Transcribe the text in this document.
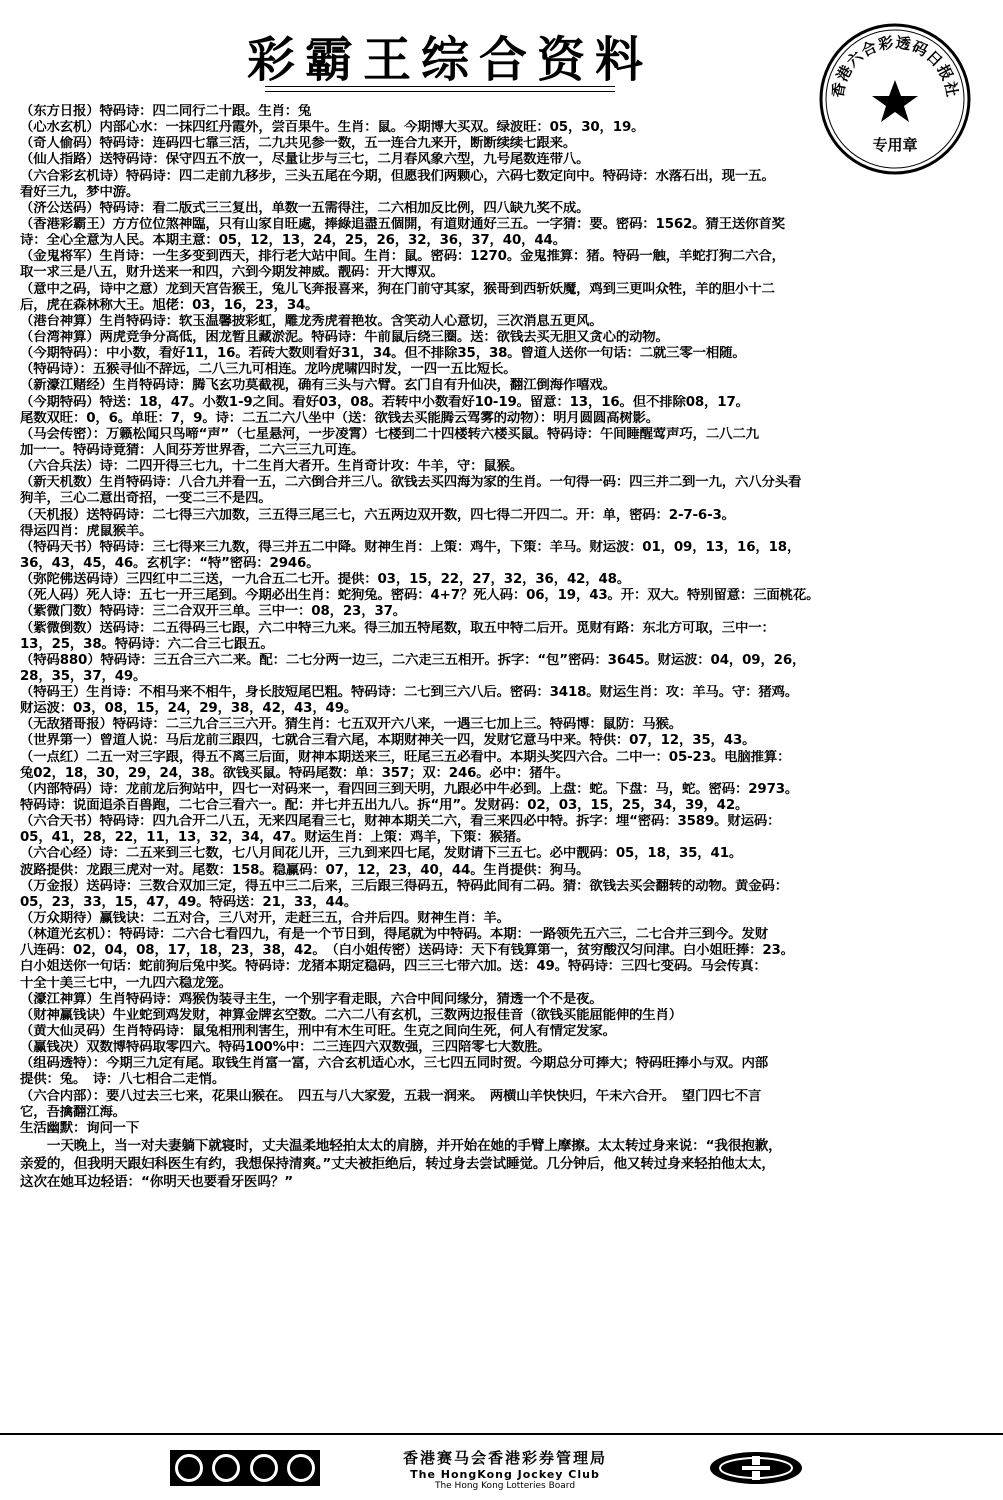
彩霸王综合资料
香港六合彩透码日报社
专用章
（东方日报）特码诗：四二同行二十跟。生肖：兔
（心水玄机）内部心水：一抹四红丹霞外，尝百果牛。生肖：鼠。今期博大买双。绿波旺：05，30，19。
（奇人偷码）特码诗：连码四七靠三活，二九共见参一数，五一连合九来开，断断续续七跟来。
（仙人指路）送特码诗：保守四五不放一，尽量让步与三七，二月春风象六型，九号尾数连带八。
（六合彩玄机诗）特码诗：四二走前九移步，三头五尾在今期，但愿我们两颗心，六码七数定向中。特码诗：水落石出，现一五。
看好三九，梦中游。
（济公送码）特码诗：看二版式三三复出，单数一五需得注，二六相加反比例，四八缺九奖不成。
（香港彩霸王）方方位位煞神臨，只有山家自旺處，捧綠追盡五個開，有道财通好三五。一字猜：要。密码：1562。猜王送你首奖
诗：全心全意为人民。本期主意：05，12，13，24，25，26，32，36，37，40，44。
（金鬼将军）生肖诗：一生多变到西天，排行老大站中间。生肖：鼠。密码：1270。金鬼推算：猪。特码一触，羊蛇打狗二六合，
取一求三是八五，财升送来一和四，六到今期发神威。靓码：开大博双。
（意中之码，诗中之意）龙到天宫告猴王，兔儿飞奔报喜来，狗在门前守其家，猴哥到西斩妖魔，鸡到三更叫众牲，羊的胆小十二
后，虎在森林称大王。旭佬：03，16，23，34。
（港台神算）生肖特码诗：软玉温馨披彩虹，雕龙秀虎着艳妆。含笑动人心意切，三次消息五更风。
（台湾神算）两虎竞争分高低，困龙暂且藏淤泥。特码诗：牛前鼠后绕三圈。送：欲钱去买无胆又贪心的动物。
（今期特码）：中小数，看好11，16。若砖大数则看好31，34。但不排除35，38。曾道人送你一句话：二就三零一相随。
（特码诗）：五猴寻仙不辞远，二八三九可相连。龙吟虎啸四时发，一四一五比短长。
（新濠江赌经）生肖特码诗：腾飞玄功莫截视，确有三头与六臂。玄门自有升仙决，翻江倒海作嘻戏。
（今期特码）特送：18，47。小数1-9之间。看好03，08。若转中小数看好10-19。留意：13，16。但不排除08，17。
尾数双旺：0，6。单旺：7，9。诗：二五二六八坐中（送：欲钱去买能腾云驾雾的动物）：明月圆圆高树影。
（马会传密）：万籁松闻只鸟啼“声”（七星悬河，一步凌霄）七楼到二十四楼转六楼买鼠。特码诗：午间睡醒莺声巧，二八二九
加一一。特码诗竟猜：人间芬芳世界香，二六三三九可连。
（六合兵法）诗：二四开得三七九，十二生肖大者开。生肖奇计攻：牛羊，守：鼠猴。
（新天机数）生肖特码诗：八合九并看一五，二六倒合并三八。欲钱去买四海为家的生肖。一句得一码：四三并二到一九，六八分头看
狗羊，三心二意出奇招，一变二三不是四。
（天机报）送特码诗：二七得三六加数，三五得三尾三七，六五两边双开数，四七得二开四二。开：单，密码：2-7-6-3。
得运四肖：虎鼠猴羊。
（特码天书）特码诗：三七得来三九数，得三并五二中降。财神生肖：上策：鸡牛，下策：羊马。财运波：01，09，13，16，18，
36，43，45，46。玄机字：“特”密码：2946。
（弥陀佛送码诗）三四红中二三送，一九合五二七开。提供：03，15，22，27，32，36，42，48。
（死人码）死人诗：五七一开三尾到。今期必出生肖：蛇狗兔。密码：4+7？死人码：06，19，43。开：双大。特别留意：三面桃花。
（紫微门数）特码诗：三二合双开三单。三中一：08，23，37。
（紫微倒数）送码诗：二五得码三七跟，六二中特三九来。得三加五特尾数，取五中特二后开。觅财有路：东北方可取，三中一：
13，25，38。特码诗：六二合三七跟五。
（特码880）特码诗：三五合三六二来。配：二七分两一边三，二六走三五相开。拆字：“包”密码：3645。财运波：04，09，26，
28，35，37，49。
（特码王）生肖诗：不相马来不相牛，身长肢短尾巴粗。特码诗：二七到三六八后。密码：3418。财运生肖：攻：羊马。守：猪鸡。
财运波：03，08，15，24，29，38，42，43，49。
（无敌猪哥报）特码诗：二三九合三三六开。猜生肖：七五双开六八来，一遇三七加上三。特码博：鼠防：马猴。
（世界第一）曾道人说：马后龙前三跟四，七就合三看六尾，本期财神关一四，发财它意马中来。特供：07，12，35，43。
（一点红）二五一对三字跟，得五不离三后面，财神本期送来三，旺尾三五必看中。本期头奖四六合。二中一：05-23。电脑推算：
兔02，18，30，29，24，38。欲钱买鼠。特码尾数：单：357；双：246。必中：猪牛。
（内部特码）诗：龙前龙后狗站中，四七一对码来一，看四回三到天明，九跟必中牛必到。上盘：蛇。下盘：马，蛇。密码：2973。
特码诗：说面追杀百兽跑，二七合三看六一。配：并七并五出九八。拆“用”。发财码：02，03，15，25，34，39，42。
（六合天书）特码诗：四九合开二八五，无来四尾看三七，财神本期关二六，看三来四必中特。拆字：埋“密码：3589。财运码：
05，41，28，22，11，13，32，34，47。财运生肖：上策：鸡羊，下策：猴猪。
（六合心经）诗：二五来到三七数，七八月间花儿开，三九到来四七尾，发财请下三五七。必中靓码：05，18，35，41。
波路提供：龙跟三虎对一对。尾数：158。稳赢码：07，12，23，40，44。生肖提供：狗马。
（万金报）送码诗：三数合双加三定，得五中三二后来，三后跟三得码五，特码此间有二码。猜：欲钱去买会翻转的动物。黄金码：
05，23，33，15，47，49。特码送：21，33，44。
（万众期待）赢钱诀：二五对合，三八对开，走赶三五，合并后四。财神生肖：羊。
（林道光玄机）：特码诗：二六合七看四九，有是一个节日到，得尾就为中特码。本期：一路领先五六三，二七合并三到今。发财
八连码：02，04，08，17，18，23，38，42。　（白小姐传密）送码诗：天下有钱算第一，贫穷酸汉匀问津。白小姐旺捧：23。
白小姐送你一句话：蛇前狗后兔中奖。特码诗：龙猪本期定稳码，四三三七带六加。送：49。特码诗：三四七变码。马会传真：
十全十美三七中，一九四六稳龙笼。
（濠江神算）生肖特码诗：鸡猴伪装寻主生，一个别字看走眼，六合中间问缘分，猜透一个不是夜。
（财神赢钱诀）牛业蛇到鸡发财，神算金牌玄空数。二六二八有玄机，三数两边报佳音（欲钱买能屈能伸的生肖）
（黄大仙灵码）生肖特码诗：鼠兔相刑利害生，刑中有木生可旺。生克之间向生死，何人有情定发家。
（赢钱决）双数博特码取零四六。特码100%中：二三连四六双数强，三四陪零七大数胜。
（组码透特）：今期三九定有尾。取钱生肖富一富，六合玄机适心水，三七四五同时贺。今期总分可捧大；特码旺捧小与双。内部
提供：兔。　诗：八七相合二走悄。
（六合内部）：要八过去三七来，花果山猴在。　四五与八大家爱，五栽一润来。　两横山羊快快归，午未六合开。　望门四七不言
它，吾擒翻江海。
生活幽默：询问一下
　　一天晚上，当一对夫妻躺下就寝时，丈夫温柔地轻拍太太的肩膀，并开始在她的手臂上摩擦。太太转过身来说：“我很抱歉，
亲爱的，但我明天跟妇科医生有约，我想保持清爽。”丈夫被拒绝后，转过身去尝试睡觉。几分钟后，他又转过身来轻拍他太太，
这次在她耳边轻语：“你明天也要看牙医吗？”
香港赛马会香港彩券管理局
The HongKong Jockey Club
The Hong Kong Lotteries Board
